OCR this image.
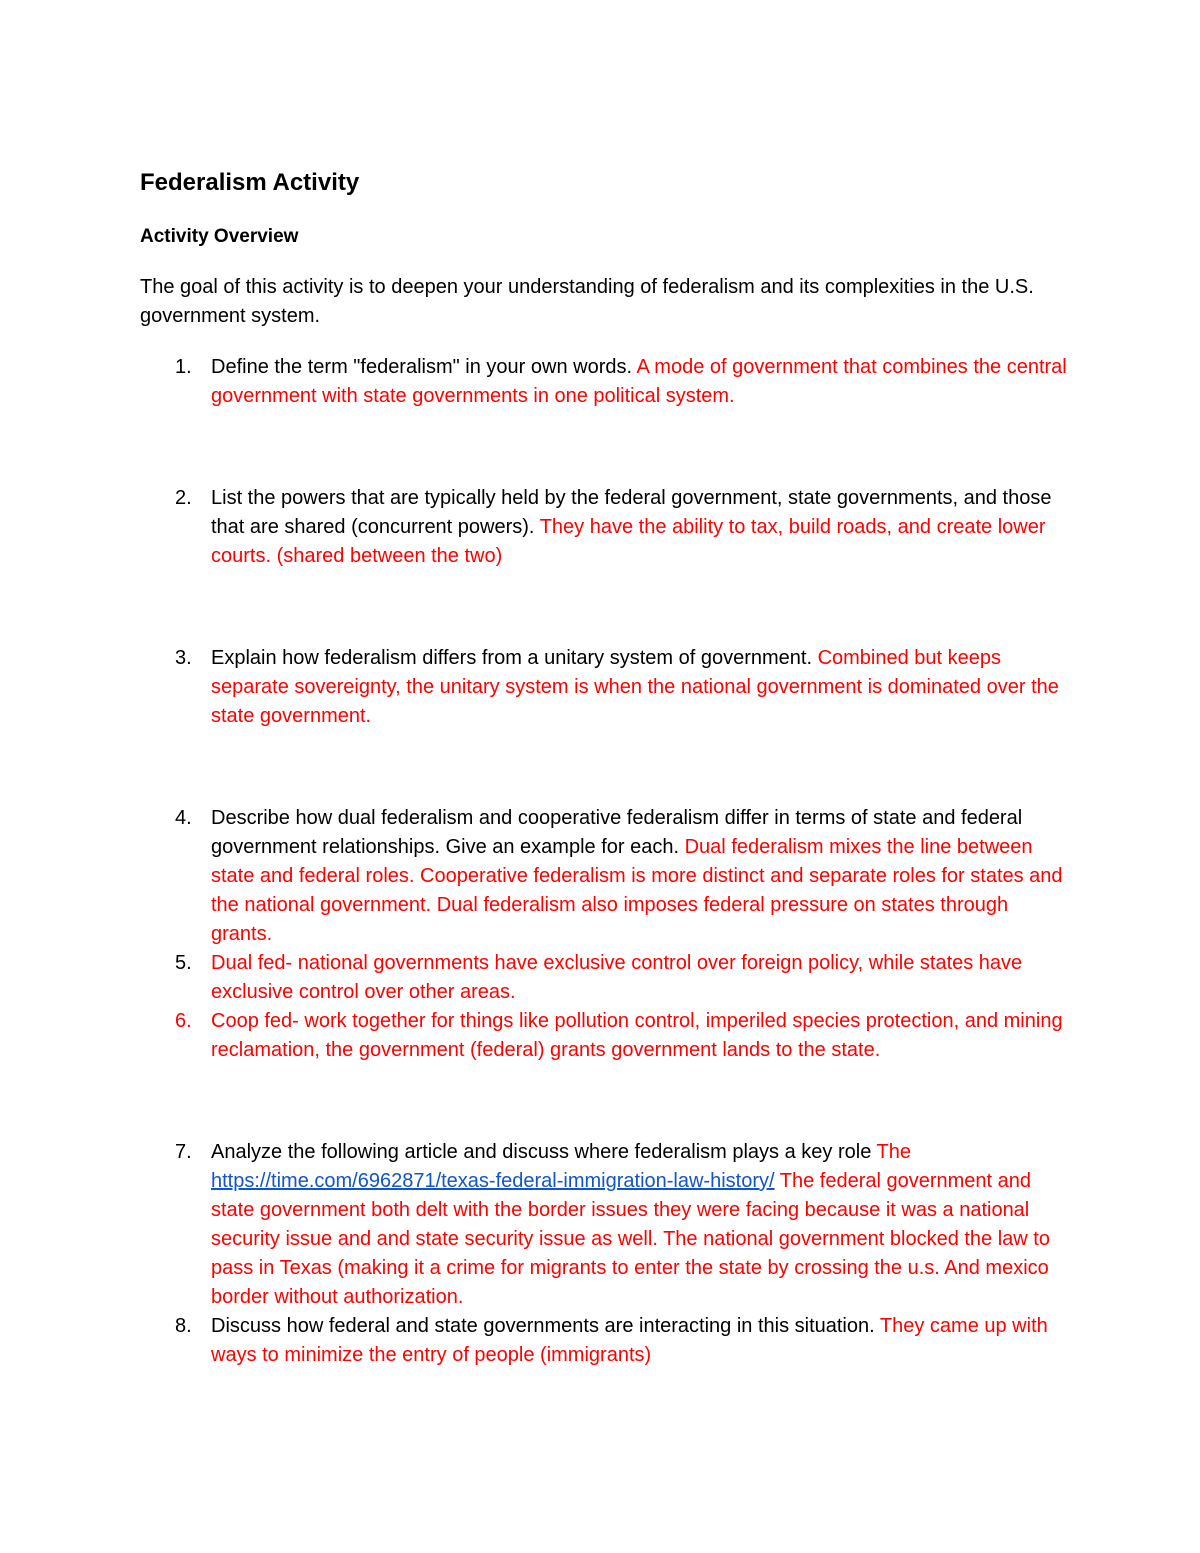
Federalism Activity
Activity Overview

The goal of this activity is to deepen your understanding of federalism and its complexities in the U.S. government system.

1. Define the term "federalism" in your own words. A mode of government that combines the central government with state governments in one political system.
2. List the powers that are typically held by the federal government, state governments, and those that are shared (concurrent powers). They have the ability to tax, build roads, and create lower courts. (shared between the two)
3. Explain how federalism differs from a unitary system of government. Combined but keeps separate sovereignty, the unitary system is when the national government is dominated over the state government.
4. Describe how dual federalism and cooperative federalism differ in terms of state and federal government relationships. Give an example for each. Dual federalism mixes the line between state and federal roles. Cooperative federalism is more distinct and separate roles for states and the national government. Dual federalism also imposes federal pressure on states through grants.
5. Dual fed- national governments have exclusive control over foreign policy, while states have exclusive control over other areas.
6. Coop fed- work together for things like pollution control, imperiled species protection, and mining reclamation, the government (federal) grants government lands to the state.
7. Analyze the following article and discuss where federalism plays a key role The https://time.com/6962871/texas-federal-immigration-law-history/ The federal government and state government both delt with the border issues they were facing because it was a national security issue and and state security issue as well. The national government blocked the law to pass in Texas (making it a crime for migrants to enter the state by crossing the u.s. And mexico border without authorization.
8. Discuss how federal and state governments are interacting in this situation. They came up with ways to minimize the entry of people (immigrants)
